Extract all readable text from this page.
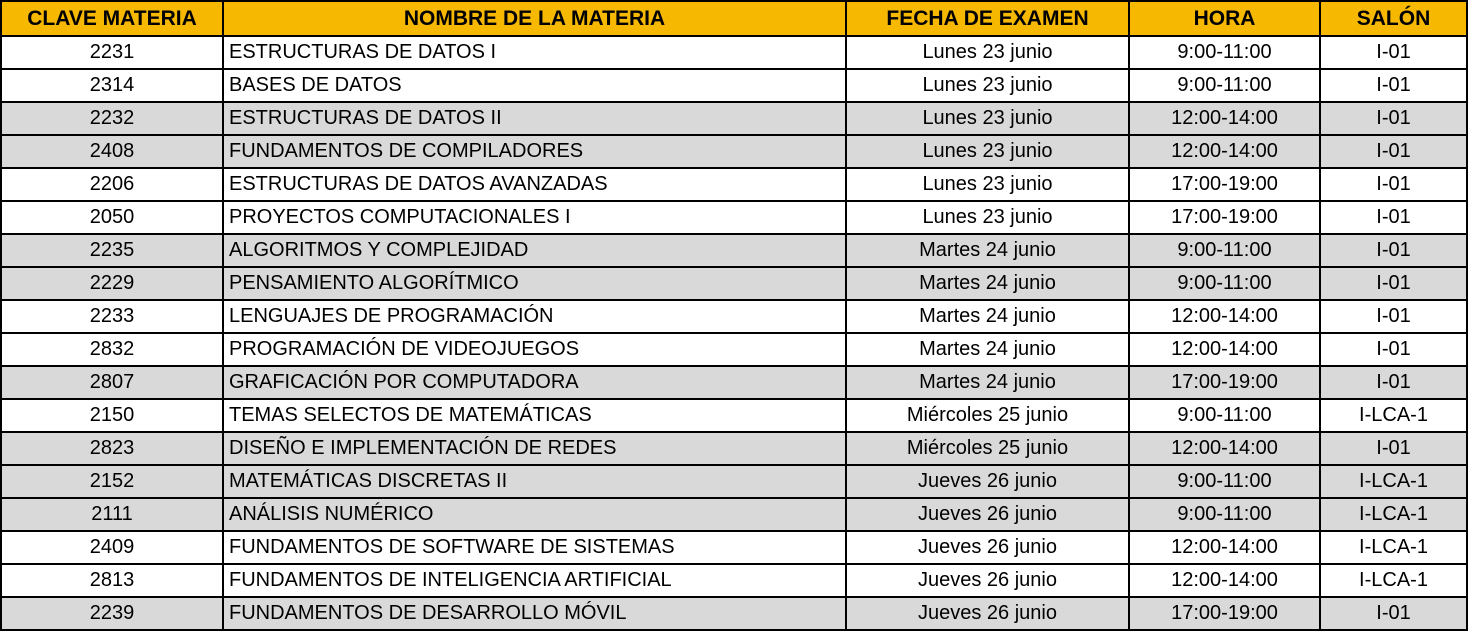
CLAVE MATERIA	NOMBRE DE LA MATERIA	FECHA DE EXAMEN	HORA	SALÓN
2231	ESTRUCTURAS DE DATOS I	Lunes 23 junio	9:00-11:00	I-01
2314	BASES DE DATOS	Lunes 23 junio	9:00-11:00	I-01
2232	ESTRUCTURAS DE DATOS II	Lunes 23 junio	12:00-14:00	I-01
2408	FUNDAMENTOS DE COMPILADORES	Lunes 23 junio	12:00-14:00	I-01
2206	ESTRUCTURAS DE DATOS AVANZADAS	Lunes 23 junio	17:00-19:00	I-01
2050	PROYECTOS COMPUTACIONALES I	Lunes 23 junio	17:00-19:00	I-01
2235	ALGORITMOS Y COMPLEJIDAD	Martes 24 junio	9:00-11:00	I-01
2229	PENSAMIENTO ALGORÍTMICO	Martes 24 junio	9:00-11:00	I-01
2233	LENGUAJES DE PROGRAMACIÓN	Martes 24 junio	12:00-14:00	I-01
2832	PROGRAMACIÓN DE VIDEOJUEGOS	Martes 24 junio	12:00-14:00	I-01
2807	GRAFICACIÓN POR COMPUTADORA	Martes 24 junio	17:00-19:00	I-01
2150	TEMAS SELECTOS DE MATEMÁTICAS	Miércoles 25 junio	9:00-11:00	I-LCA-1
2823	DISEÑO E IMPLEMENTACIÓN DE REDES	Miércoles 25 junio	12:00-14:00	I-01
2152	MATEMÁTICAS DISCRETAS II	Jueves 26 junio	9:00-11:00	I-LCA-1
2111	ANÁLISIS NUMÉRICO	Jueves 26 junio	9:00-11:00	I-LCA-1
2409	FUNDAMENTOS DE SOFTWARE DE SISTEMAS	Jueves 26 junio	12:00-14:00	I-LCA-1
2813	FUNDAMENTOS DE INTELIGENCIA ARTIFICIAL	Jueves 26 junio	12:00-14:00	I-LCA-1
2239	FUNDAMENTOS DE DESARROLLO MÓVIL	Jueves 26 junio	17:00-19:00	I-01
